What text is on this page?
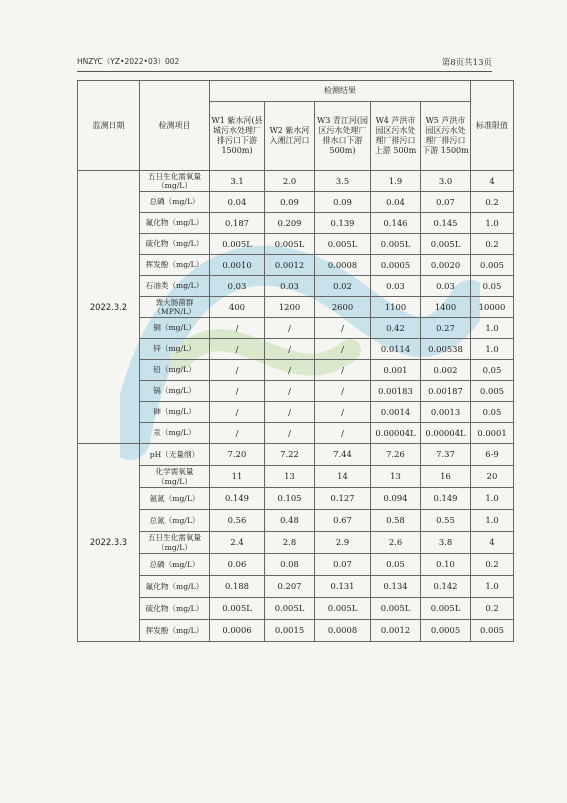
HNZYC（YZ•2022•03）002	第8页共13页
监测日期	检测项目	检测结果					标准限值
		W1 紫水河(县城污水处理厂排污口下游1500m)	W2 紫水河入湘江河口	W3 青江河(园区污水处理厂排水口下游 500m)	W4 芦洪市园区污水处理厂排污口上游 500m	W5 芦洪市园区污水处理厂排污口下游 1500m	
2022.3.2	五日生化需氧量（mg/L）	3.1	2.0	3.5	1.9	3.0	4
	总磷（mg/L）	0.04	0.09	0.09	0.04	0.07	0.2
	氟化物（mg/L）	0.187	0.209	0.139	0.146	0.145	1.0
	硫化物（mg/L）	0.005L	0.005L	0.005L	0.005L	0.005L	0.2
	挥发酚（mg/L）	0.0010	0.0012	0.0008	0.0005	0.0020	0.005
	石油类（mg/L）	0.03	0.03	0.02	0.03	0.03	0.05
	粪大肠菌群（MPN/L）	400	1200	2600	1100	1400	10000
	铜（mg/L）	/	/	/	0.42	0.27	1.0
	锌（mg/L）	/	/	/	0.0114	0.00538	1.0
	铅（mg/L）	/	/	/	0.001	0.002	0.05
	镉（mg/L）	/	/	/	0.00183	0.00187	0.005
	砷（mg/L）	/	/	/	0.0014	0.0013	0.05
	汞（mg/L）	/	/	/	0.00004L	0.00004L	0.0001
2022.3.3	pH（无量纲）	7.20	7.22	7.44	7.26	7.37	6-9
	化学需氧量（mg/L）	11	13	14	13	16	20
	氨氮（mg/L）	0.149	0.105	0.127	0.094	0.149	1.0
	总氮（mg/L）	0.56	0.48	0.67	0.58	0.55	1.0
	五日生化需氧量（mg/L）	2.4	2.8	2.9	2.6	3.8	4
	总磷（mg/L）	0.06	0.08	0.07	0.05	0.10	0.2
	氟化物（mg/L）	0.188	0.207	0.131	0.134	0.142	1.0
	硫化物（mg/L）	0.005L	0.005L	0.005L	0.005L	0.005L	0.2
	挥发酚（mg/L）	0.0006	0.0015	0.0008	0.0012	0.0005	0.005
